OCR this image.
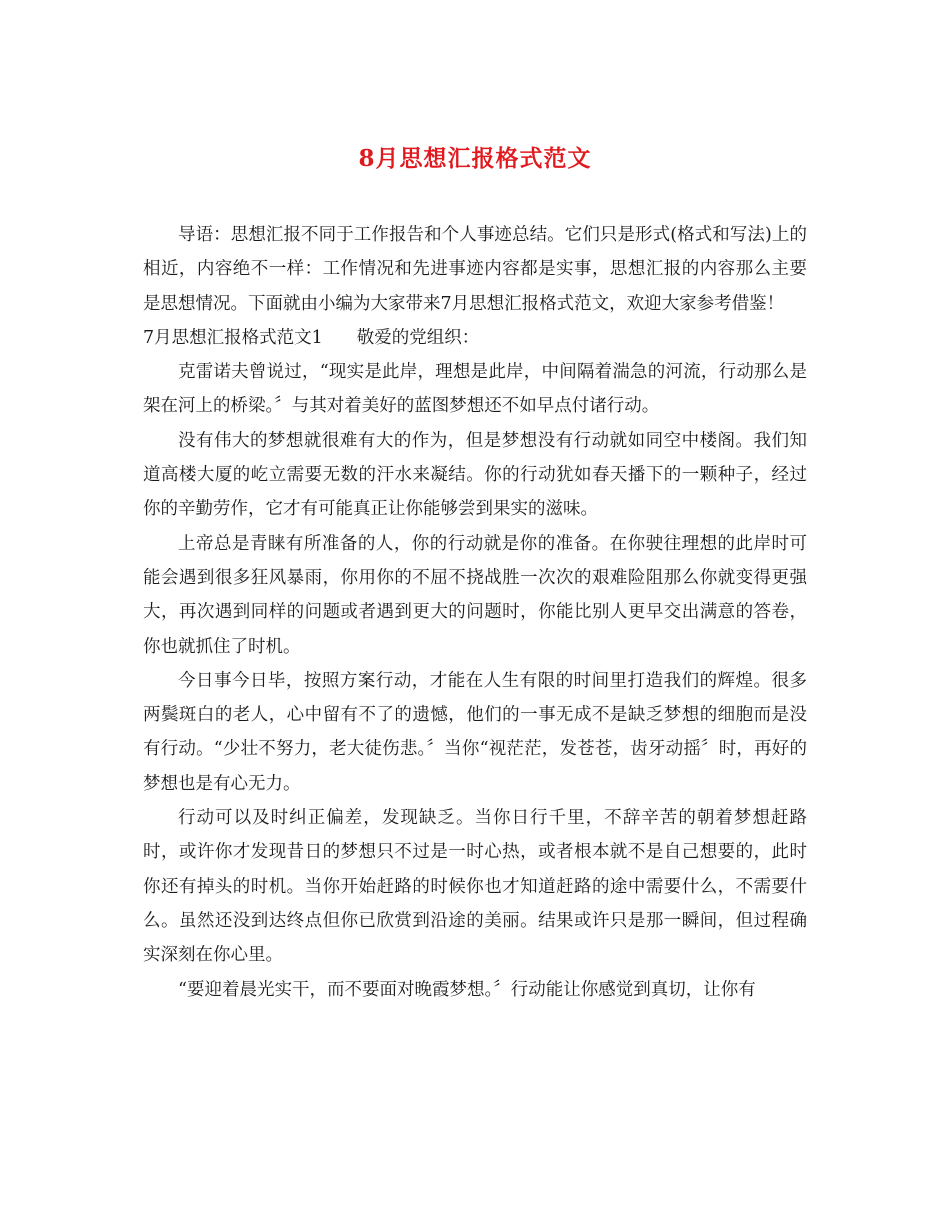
8月思想汇报格式范文

导语：思想汇报不同于工作报告和个人事迹总结。它们只是形式(格式和写法)上的相近，内容绝不一样：工作情况和先进事迹内容都是实事，思想汇报的内容那么主要是思想情况。下面就由小编为大家带来7月思想汇报格式范文，欢迎大家参考借鉴！

7月思想汇报格式范文1 敬爱的党组织：

克雷诺夫曾说过，“现实是此岸，理想是此岸，中间隔着湍急的河流，行动那么是架在河上的桥梁。〞与其对着美好的蓝图梦想还不如早点付诸行动。

没有伟大的梦想就很难有大的作为，但是梦想没有行动就如同空中楼阁。我们知道高楼大厦的屹立需要无数的汗水来凝结。你的行动犹如春天播下的一颗种子，经过你的辛勤劳作，它才有可能真正让你能够尝到果实的滋味。

上帝总是青睐有所准备的人，你的行动就是你的准备。在你驶往理想的此岸时可能会遇到很多狂风暴雨，你用你的不屈不挠战胜一次次的艰难险阻那么你就变得更强大，再次遇到同样的问题或者遇到更大的问题时，你能比别人更早交出满意的答卷，你也就抓住了时机。

今日事今日毕，按照方案行动，才能在人生有限的时间里打造我们的辉煌。很多两鬓斑白的老人，心中留有不了的遗憾，他们的一事无成不是缺乏梦想的细胞而是没有行动。“少壮不努力，老大徒伤悲。〞当你“视茫茫，发苍苍，齿牙动摇〞时，再好的梦想也是有心无力。

行动可以及时纠正偏差，发现缺乏。当你日行千里，不辞辛苦的朝着梦想赶路时，或许你才发现昔日的梦想只不过是一时心热，或者根本就不是自己想要的，此时你还有掉头的时机。当你开始赶路的时候你也才知道赶路的途中需要什么，不需要什么。虽然还没到达终点但你已欣赏到沿途的美丽。结果或许只是那一瞬间，但过程确实深刻在你心里。

“要迎着晨光实干，而不要面对晚霞梦想。〞行动能让你感觉到真切，让你有
